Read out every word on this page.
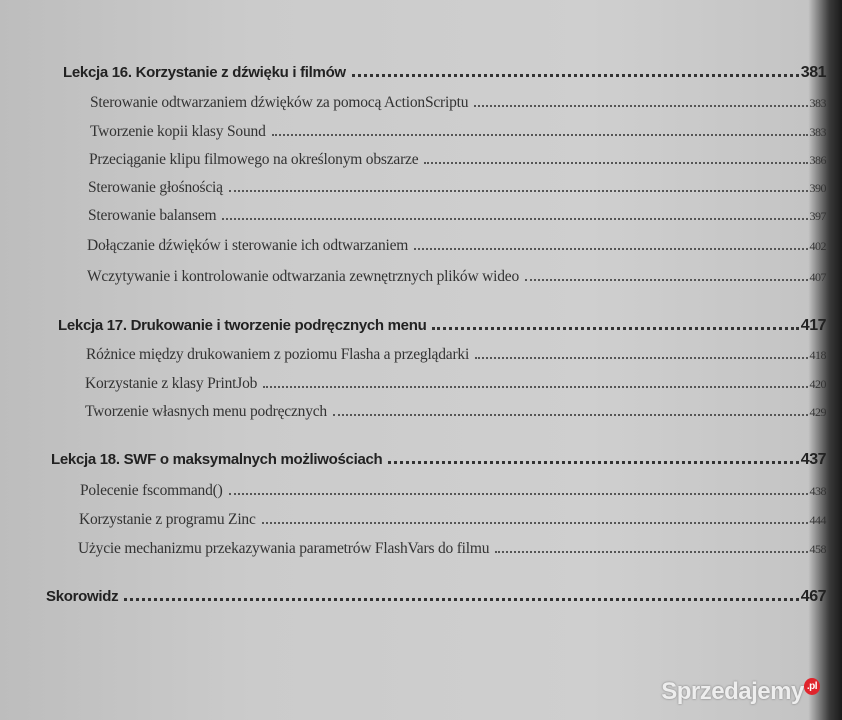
Lekcja 16. Korzystanie z dźwięku i filmów	381
Sterowanie odtwarzaniem dźwięków za pomocą ActionScriptu	383
Tworzenie kopii klasy Sound	383
Przeciąganie klipu filmowego na określonym obszarze	386
Sterowanie głośnością	390
Sterowanie balansem	397
Dołączanie dźwięków i sterowanie ich odtwarzaniem	402
Wczytywanie i kontrolowanie odtwarzania zewnętrznych plików wideo	407
Lekcja 17. Drukowanie i tworzenie podręcznych menu	417
Różnice między drukowaniem z poziomu Flasha a przeglądarki	418
Korzystanie z klasy PrintJob	420
Tworzenie własnych menu podręcznych	429
Lekcja 18. SWF o maksymalnych możliwościach	437
Polecenie fscommand()	438
Korzystanie z programu Zinc	444
Użycie mechanizmu przekazywania parametrów FlashVars do filmu	458
Skorowidz	467
Sprzedajemy .pl
